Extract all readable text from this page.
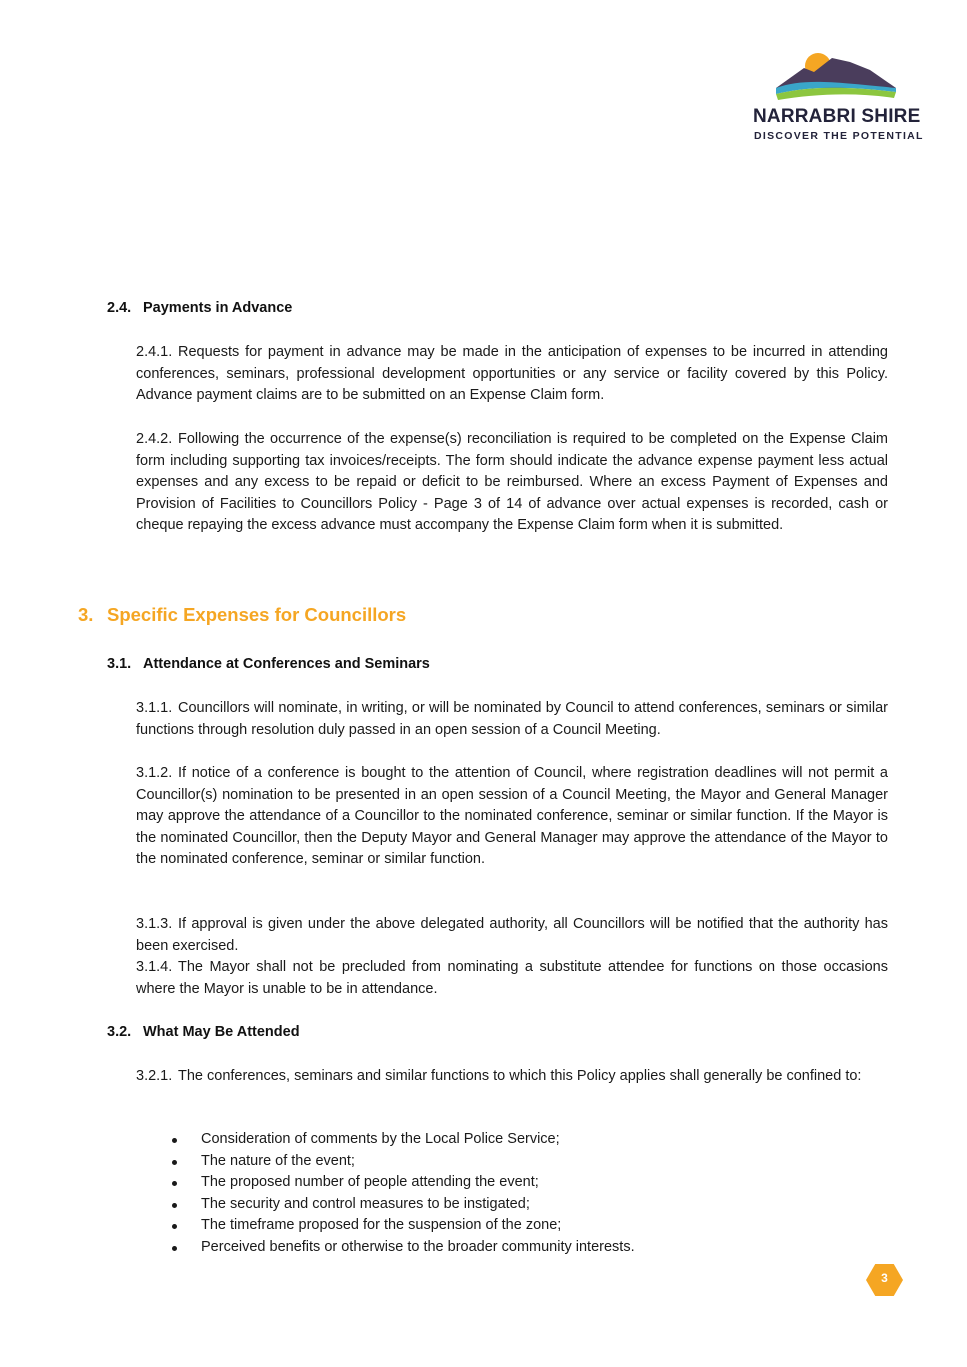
NARRABRI SHIRE
DISCOVER THE POTENTIAL
2.4. Payments in Advance
2.4.1. Requests for payment in advance may be made in the anticipation of expenses to be incurred in attending conferences, seminars, professional development opportunities or any service or facility covered by this Policy. Advance payment claims are to be submitted on an Expense Claim form.
2.4.2. Following the occurrence of the expense(s) reconciliation is required to be completed on the Expense Claim form including supporting tax invoices/receipts. The form should indicate the advance expense payment less actual expenses and any excess to be repaid or deficit to be reimbursed. Where an excess Payment of Expenses and Provision of Facilities to Councillors Policy - Page 3 of 14 of advance over actual expenses is recorded, cash or cheque repaying the excess advance must accompany the Expense Claim form when it is submitted.
3. Specific Expenses for Councillors
3.1. Attendance at Conferences and Seminars
3.1.1. Councillors will nominate, in writing, or will be nominated by Council to attend conferences, seminars or similar functions through resolution duly passed in an open session of a Council Meeting.
3.1.2. If notice of a conference is bought to the attention of Council, where registration deadlines will not permit a Councillor(s) nomination to be presented in an open session of a Council Meeting, the Mayor and General Manager may approve the attendance of a Councillor to the nominated conference, seminar or similar function. If the Mayor is the nominated Councillor, then the Deputy Mayor and General Manager may approve the attendance of the Mayor to the nominated conference, seminar or similar function.
3.1.3. If approval is given under the above delegated authority, all Councillors will be notified that the authority has been exercised.
3.1.4. The Mayor shall not be precluded from nominating a substitute attendee for functions on those occasions where the Mayor is unable to be in attendance.
3.2. What May Be Attended
3.2.1. The conferences, seminars and similar functions to which this Policy applies shall generally be confined to:
Consideration of comments by the Local Police Service;
The nature of the event;
The proposed number of people attending the event;
The security and control measures to be instigated;
The timeframe proposed for the suspension of the zone;
Perceived benefits or otherwise to the broader community interests.
3
